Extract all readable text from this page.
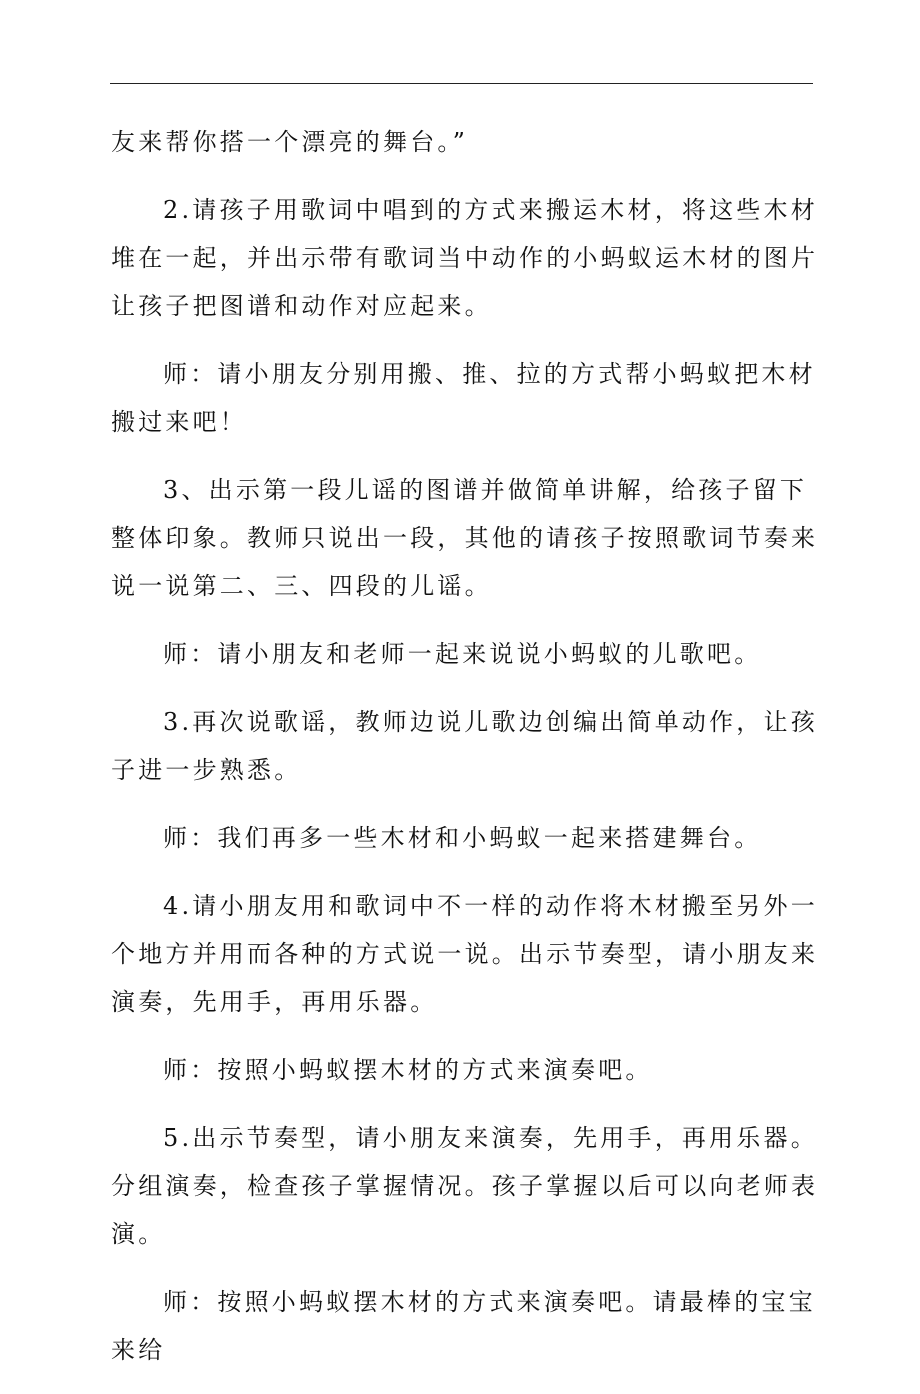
友来帮你搭一个漂亮的舞台。”

2.请孩子用歌词中唱到的方式来搬运木材，将这些木材堆在一起，并出示带有歌词当中动作的小蚂蚁运木材的图片让孩子把图谱和动作对应起来。

师：请小朋友分别用搬、推、拉的方式帮小蚂蚁把木材搬过来吧！

3、出示第一段儿谣的图谱并做简单讲解，给孩子留下整体印象。教师只说出一段，其他的请孩子按照歌词节奏来说一说第二、三、四段的儿谣。

师：请小朋友和老师一起来说说小蚂蚁的儿歌吧。

3.再次说歌谣，教师边说儿歌边创编出简单动作，让孩子进一步熟悉。

师：我们再多一些木材和小蚂蚁一起来搭建舞台。

4.请小朋友用和歌词中不一样的动作将木材搬至另外一个地方并用而各种的方式说一说。出示节奏型，请小朋友来演奏，先用手，再用乐器。

师：按照小蚂蚁摆木材的方式来演奏吧。

5.出示节奏型，请小朋友来演奏，先用手，再用乐器。分组演奏，检查孩子掌握情况。孩子掌握以后可以向老师表演。

师：按照小蚂蚁摆木材的方式来演奏吧。请最棒的宝宝来给
